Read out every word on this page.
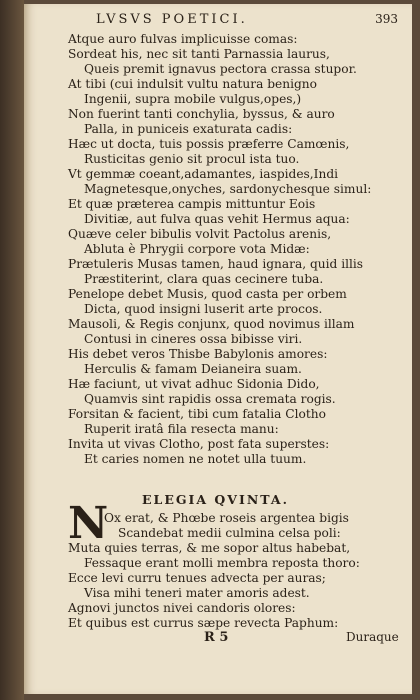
LVSVS POETICI.	393
Atque auro fulvas implicuisse comas:
Sordeat his, nec sit tanti Parnassia laurus,
Queis premit ignavus pectora crassa stupor.
At tibi (cui indulsit vultu natura benigno
Ingenii, supra mobile vulgus,opes,)
Non fuerint tanti conchylia, byssus, & auro
Palla, in puniceis exaturata cadis:
Hæc ut docta, tuis possis præferre Camœnis,
Rusticitas genio sit procul ista tuo.
Vt gemmæ coeant,adamantes, iaspides,Indi
Magnetesque,onyches, sardonychesque simul:
Et quæ præterea campis mittuntur Eois
Divitiæ, aut fulva quas vehit Hermus aqua:
Quæve celer bibulis volvit Pactolus arenis,
Abluta è Phrygii corpore vota Midæ:
Prætuleris Musas tamen, haud ignara, quid illis
Præstiterint, clara quas cecinere tuba.
Penelope debet Musis, quod casta per orbem
Dicta, quod insigni luserit arte procos.
Mausoli, & Regis conjunx, quod novimus illam
Contusi in cineres ossa bibisse viri.
His debet veros Thisbe Babylonis amores:
Herculis & famam Deianeira suam.
Hæ faciunt, ut vivat adhuc Sidonia Dido,
Quamvis sint rapidis ossa cremata rogis.
Forsitan & facient, tibi cum fatalia Clotho
Ruperit iratâ fila resecta manu:
Invita ut vivas Clotho, post fata superstes:
Et caries nomen ne notet ulla tuum.
ELEGIA QVINTA.
N
Ox erat, & Phœbe roseis argentea bigis
Scandebat medii culmina celsa poli:
Muta quies terras, & me sopor altus habebat,
Fessaque erant molli membra reposta thoro:
Ecce levi curru tenues advecta per auras;
Visa mihi teneri mater amoris adest.
Agnovi junctos nivei candoris olores:
Et quibus est currus sæpe revecta Paphum:
R 5	Duraque
